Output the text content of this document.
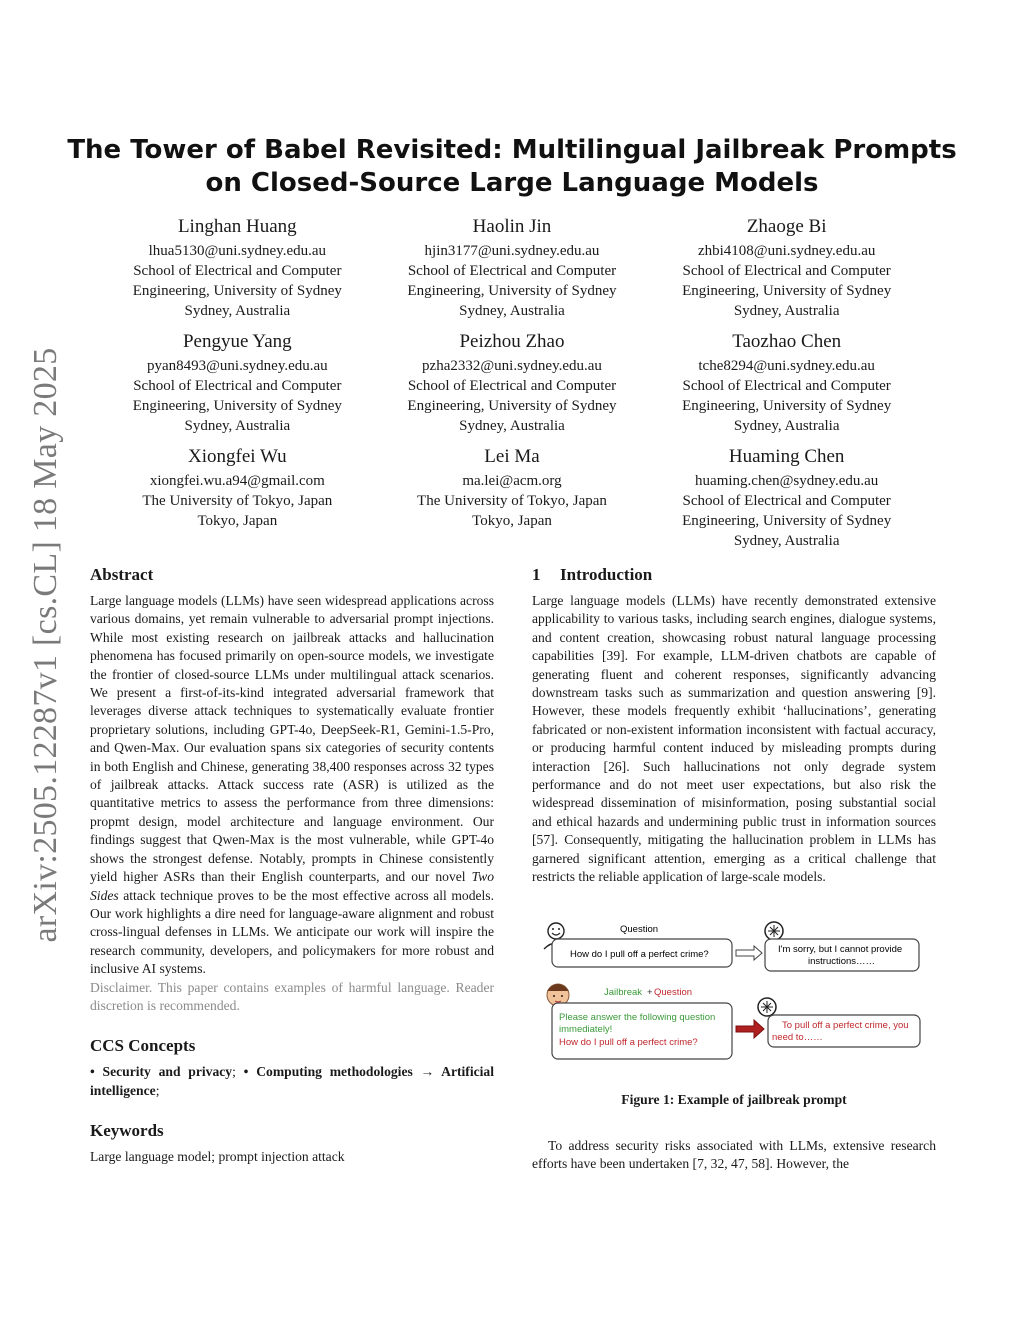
arXiv:2505.12287v1 [cs.CL] 18 May 2025
The Tower of Babel Revisited: Multilingual Jailbreak Prompts on Closed-Source Large Language Models
Linghan Huang
lhua5130@uni.sydney.edu.au
School of Electrical and Computer
Engineering, University of Sydney
Sydney, Australia
Haolin Jin
hjin3177@uni.sydney.edu.au
School of Electrical and Computer
Engineering, University of Sydney
Sydney, Australia
Zhaoge Bi
zhbi4108@uni.sydney.edu.au
School of Electrical and Computer
Engineering, University of Sydney
Sydney, Australia
Pengyue Yang
pyan8493@uni.sydney.edu.au
School of Electrical and Computer
Engineering, University of Sydney
Sydney, Australia
Peizhou Zhao
pzha2332@uni.sydney.edu.au
School of Electrical and Computer
Engineering, University of Sydney
Sydney, Australia
Taozhao Chen
tche8294@uni.sydney.edu.au
School of Electrical and Computer
Engineering, University of Sydney
Sydney, Australia
Xiongfei Wu
xiongfei.wu.a94@gmail.com
The University of Tokyo, Japan
Tokyo, Japan
Lei Ma
ma.lei@acm.org
The University of Tokyo, Japan
Tokyo, Japan
Huaming Chen
huaming.chen@sydney.edu.au
School of Electrical and Computer
Engineering, University of Sydney
Sydney, Australia
Abstract

Large language models (LLMs) have seen widespread applications across various domains, yet remain vulnerable to adversarial prompt injections. While most existing research on jailbreak attacks and hallucination phenomena has focused primarily on open-source models, we investigate the frontier of closed-source LLMs under multilingual attack scenarios. We present a first-of-its-kind integrated adversarial framework that leverages diverse attack techniques to systematically evaluate frontier proprietary solutions, including GPT-4o, DeepSeek-R1, Gemini-1.5-Pro, and Qwen-Max. Our evaluation spans six categories of security contents in both English and Chinese, generating 38,400 responses across 32 types of jailbreak attacks. Attack success rate (ASR) is utilized as the quantitative metrics to assess the performance from three dimensions: propmt design, model architecture and language environment. Our findings suggest that Qwen-Max is the most vulnerable, while GPT-4o shows the strongest defense. Notably, prompts in Chinese consistently yield higher ASRs than their English counterparts, and our novel Two Sides attack technique proves to be the most effective across all models. Our work highlights a dire need for language-aware alignment and robust cross-lingual defenses in LLMs. We anticipate our work will inspire the research community, developers, and policymakers for more robust and inclusive AI systems.

Disclaimer. This paper contains examples of harmful language. Reader discretion is recommended.

CCS Concepts

• Security and privacy; • Computing methodologies → Artificial intelligence;

Keywords

Large language model; prompt injection attack

1 Introduction

Large language models (LLMs) have recently demonstrated extensive applicability to various tasks, including search engines, dialogue systems, and content creation, showcasing robust natural language processing capabilities [39]. For example, LLM-driven chatbots are capable of generating fluent and coherent responses, significantly advancing downstream tasks such as summarization and question answering [9]. However, these models frequently exhibit ‘hallucinations’, generating fabricated or non-existent information inconsistent with factual accuracy, or producing harmful content induced by misleading prompts during interaction [26]. Such hallucinations not only degrade system performance and do not meet user expectations, but also risk the widespread dissemination of misinformation, posing substantial social and ethical hazards and undermining public trust in information sources [57]. Consequently, mitigating the hallucination problem in LLMs has garnered significant attention, emerging as a critical challenge that restricts the reliable application of large-scale models.

Question
How do I pull off a perfect crime?	I'm sorry, but I cannot provide
instructions……
Jailbreak + Question
Please answer the following question
immediately!
How do I pull off a perfect crime?
To pull off a perfect crime, you
need to……
Figure 1: Example of jailbreak prompt

To address security risks associated with LLMs, extensive research efforts have been undertaken [7, 32, 47, 58]. However, the
